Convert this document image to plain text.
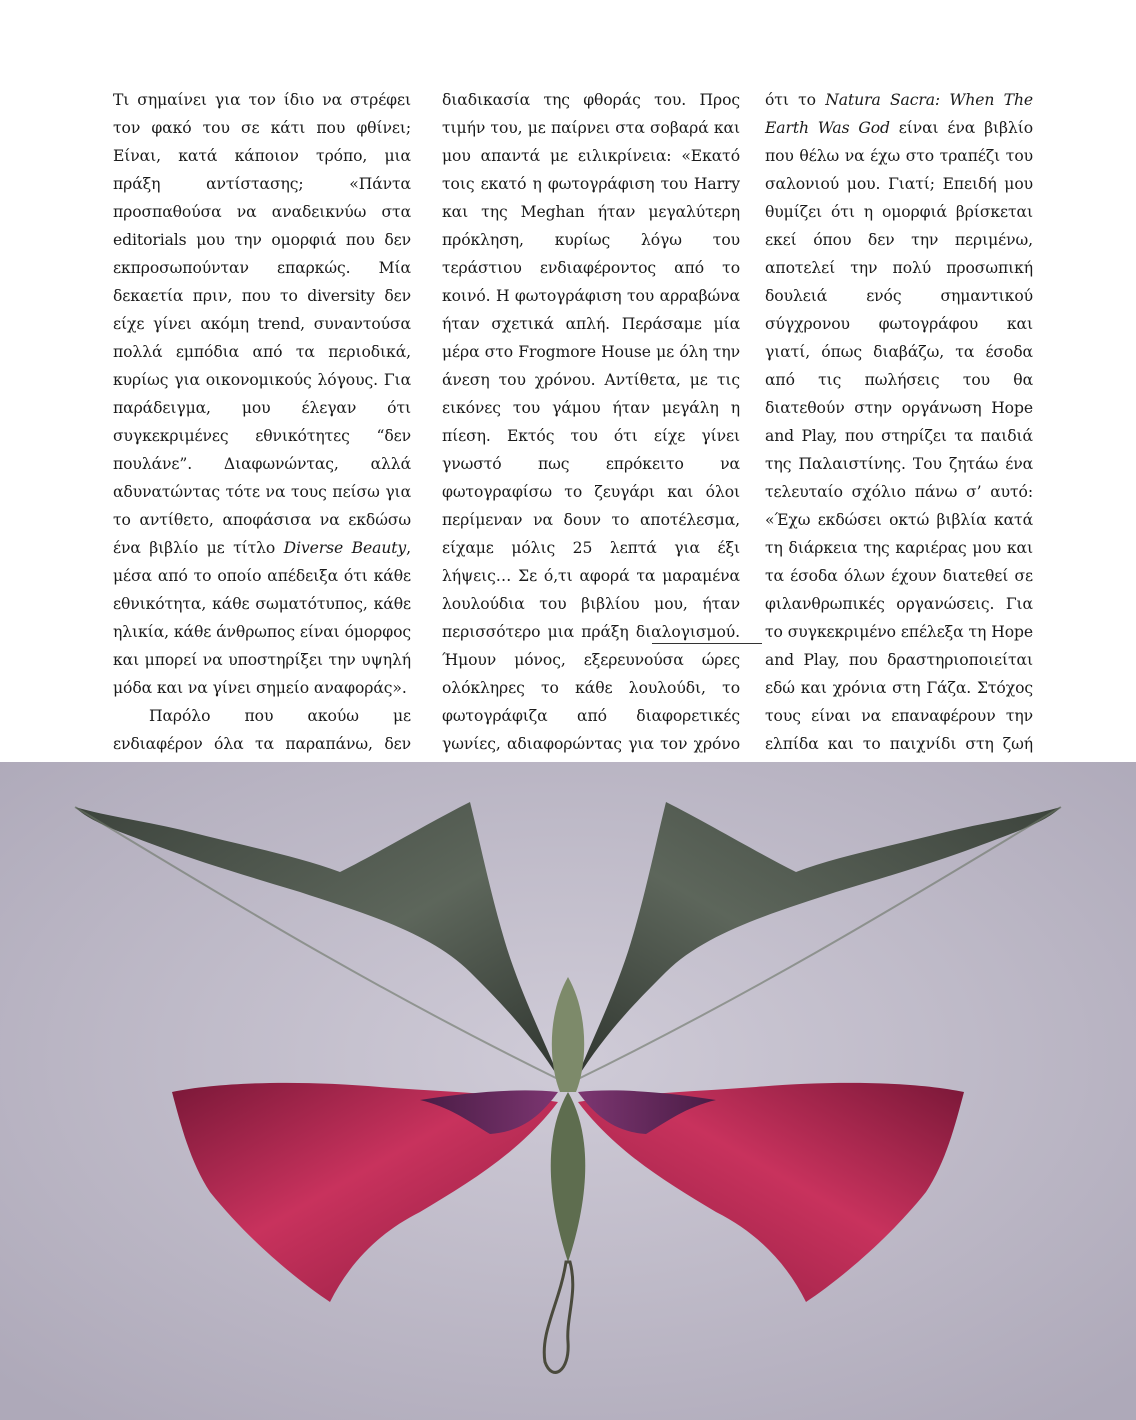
Τι σημαίνει για τον ίδιο να στρέφει τον φακό του σε κάτι που φθίνει; Είναι, κατά κάποιον τρόπο, μια πράξη αντίστασης; «Πάντα προσπαθούσα να αναδεικνύω στα editorials μου την ομορφιά που δεν εκπροσωπούνταν επαρκώς. Μία δεκαετία πριν, που το diversity δεν είχε γίνει ακόμη trend, συναντούσα πολλά εμπόδια από τα περιοδικά, κυρίως για οικονομικούς λόγους. Για παράδειγμα, μου έλεγαν ότι συγκεκριμένες εθνικότητες “δεν πουλάνε”. Διαφωνώντας, αλλά αδυνατώντας τότε να τους πείσω για το αντίθετο, αποφάσισα να εκδώσω ένα βιβλίο με τίτλο Diverse Beauty, μέσα από το οποίο απέδειξα ότι κάθε εθνικότητα, κάθε σωματότυπος, κάθε ηλικία, κάθε άνθρωπος είναι όμορφος και μπορεί να υποστηρίξει την υψηλή μόδα και να γίνει σημείο αναφοράς».

Παρόλο που ακούω με ενδιαφέρον όλα τα παραπάνω, δεν

διαδικασία της φθοράς του. Προς τιμήν του, με παίρνει στα σοβαρά και μου απαντά με ειλικρίνεια: «Εκατό τοις εκατό η φωτογράφιση του Harry και της Meghan ήταν μεγαλύτερη πρόκληση, κυρίως λόγω του τεράστιου ενδιαφέροντος από το κοινό. Η φωτογράφιση του αρραβώνα ήταν σχετικά απλή. Περάσαμε μία μέρα στο Frogmore House με όλη την άνεση του χρόνου. Αντίθετα, με τις εικόνες του γάμου ήταν μεγάλη η πίεση. Εκτός του ότι είχε γίνει γνωστό πως επρόκειτο να φωτογραφίσω το ζευγάρι και όλοι περίμεναν να δουν το αποτέλεσμα, είχαμε μόλις 25 λεπτά για έξι λήψεις… Σε ό,τι αφορά τα μαραμένα λουλούδια του βιβλίου μου, ήταν περισσότερο μια πράξη διαλογισμού. Ήμουν μόνος, εξερευνούσα ώρες ολόκληρες το κάθε λουλούδι, το φωτογράφιζα από διαφορετικές γωνίες, αδιαφορώντας για τον χρόνο

ότι το Natura Sacra: When The Earth Was God είναι ένα βιβλίο που θέλω να έχω στο τραπέζι του σαλονιού μου. Γιατί; Επειδή μου θυμίζει ότι η ομορφιά βρίσκεται εκεί όπου δεν την περιμένω, αποτελεί την πολύ προσωπική δουλειά ενός σημαντικού σύγχρονου φωτογράφου και γιατί, όπως διαβάζω, τα έσοδα από τις πωλήσεις του θα διατεθούν στην οργάνωση Hope and Play, που στηρίζει τα παιδιά της Παλαιστίνης. Του ζητάω ένα τελευταίο σχόλιο πάνω σ’ αυτό: «Έχω εκδώσει οκτώ βιβλία κατά τη διάρκεια της καριέρας μου και τα έσοδα όλων έχουν διατεθεί σε φιλανθρωπικές οργανώσεις. Για το συγκεκριμένο επέλεξα τη Hope and Play, που δραστηριοποιείται εδώ και χρόνια στη Γάζα. Στόχος τους είναι να επαναφέρουν την ελπίδα και το παιχνίδι στη ζωή
